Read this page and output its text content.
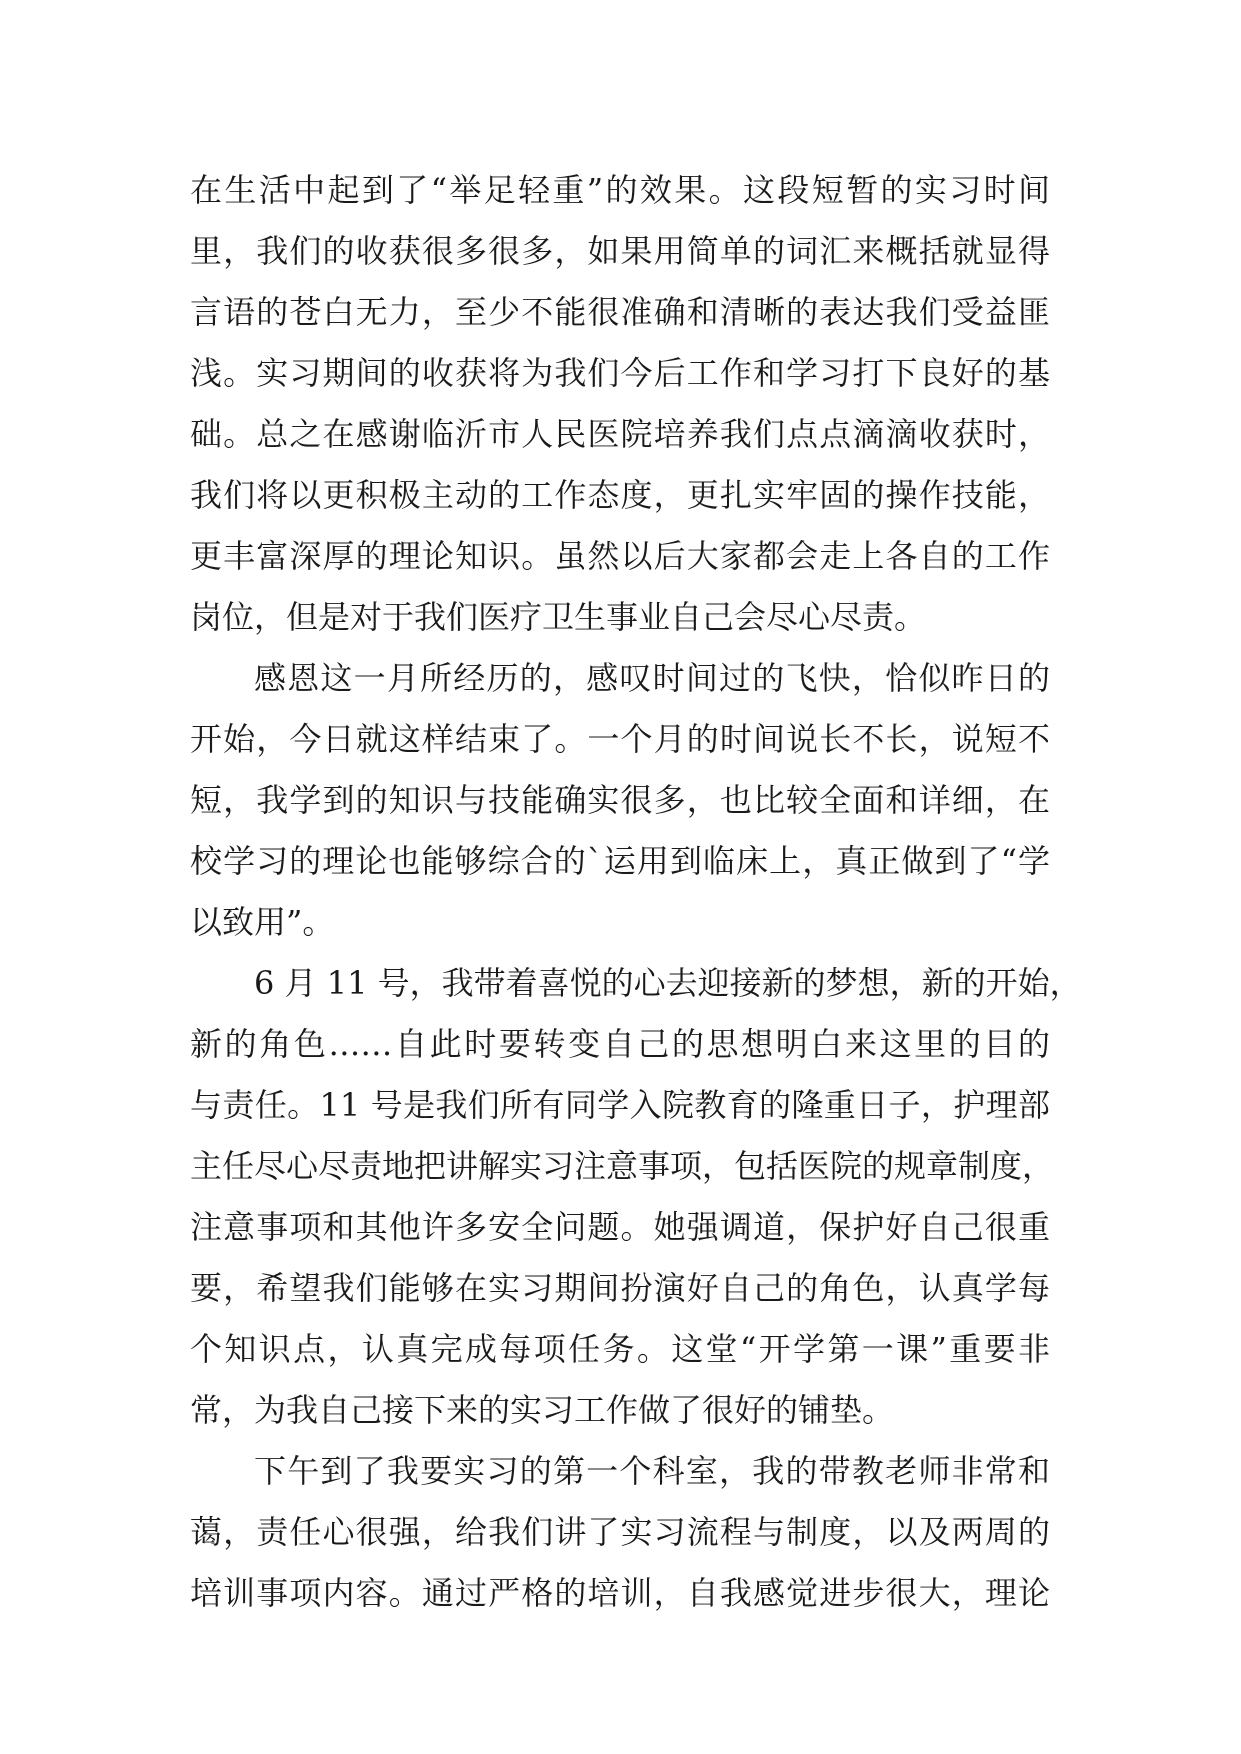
在生活中起到了“举足轻重”的效果。这段短暂的实习时间
里，我们的收获很多很多，如果用简单的词汇来概括就显得
言语的苍白无力，至少不能很准确和清晰的表达我们受益匪
浅。实习期间的收获将为我们今后工作和学习打下良好的基
础。总之在感谢临沂市人民医院培养我们点点滴滴收获时，
我们将以更积极主动的工作态度，更扎实牢固的操作技能，
更丰富深厚的理论知识。虽然以后大家都会走上各自的工作
岗位，但是对于我们医疗卫生事业自己会尽心尽责。
感恩这一月所经历的，感叹时间过的飞快，恰似昨日的
开始，今日就这样结束了。一个月的时间说长不长，说短不
短，我学到的知识与技能确实很多，也比较全面和详细，在
校学习的理论也能够综合的`运用到临床上，真正做到了“学
以致用”。
6 月 11 号，我带着喜悦的心去迎接新的梦想，新的开始，
新的角色……自此时要转变自己的思想明白来这里的目的
与责任。11 号是我们所有同学入院教育的隆重日子，护理部
主任尽心尽责地把讲解实习注意事项，包括医院的规章制度，
注意事项和其他许多安全问题。她强调道，保护好自己很重
要，希望我们能够在实习期间扮演好自己的角色，认真学每
个知识点，认真完成每项任务。这堂“开学第一课”重要非
常，为我自己接下来的实习工作做了很好的铺垫。
下午到了我要实习的第一个科室，我的带教老师非常和
蔼，责任心很强，给我们讲了实习流程与制度，以及两周的
培训事项内容。通过严格的培训，自我感觉进步很大，理论
